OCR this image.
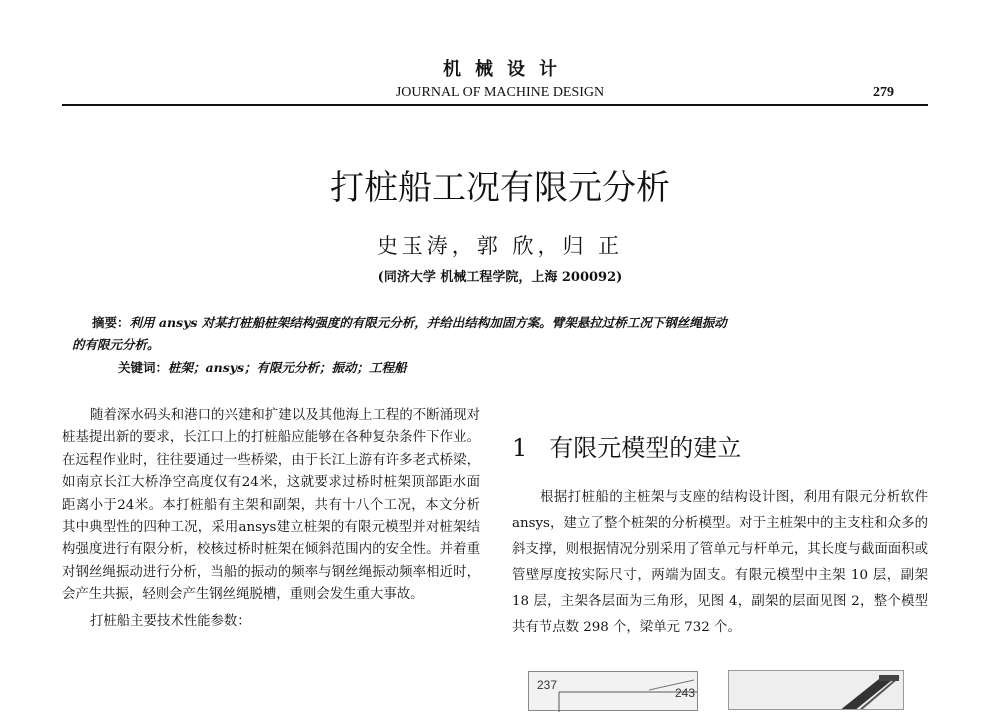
机械设计
JOURNAL OF MACHINE DESIGN	279
打桩船工况有限元分析
史玉涛，郭 欣，归 正
(同济大学 机械工程学院，上海 200092)
摘要：利用 ansys 对某打桩船桩架结构强度的有限元分析，并给出结构加固方案。臂架悬拉过桥工况下钢丝绳振动
的有限元分析。
关键词：桩架；ansys；有限元分析；振动；工程船

随着深水码头和港口的兴建和扩建以及其他海上工程的不断涌现对桩基提出新的要求，长江口上的打桩船应能够在各种复杂条件下作业。在远程作业时，往往要通过一些桥梁，由于长江上游有许多老式桥梁，如南京长江大桥净空高度仅有24米，这就要求过桥时桩架顶部距水面距离小于24米。本打桩船有主架和副架，共有十八个工况，本文分析其中典型性的四种工况，采用ansys建立桩架的有限元模型并对桩架结构强度进行有限分析，校核过桥时桩架在倾斜范围内的安全性。并着重对钢丝绳振动进行分析，当船的振动的频率与钢丝绳振动频率相近时，会产生共振，轻则会产生钢丝绳脱槽，重则会发生重大事故。

打桩船主要技术性能参数：

1 有限元模型的建立

根据打桩船的主桩架与支座的结构设计图，利用有限元分析软件 ansys，建立了整个桩架的分析模型。对于主桩架中的主支柱和众多的斜支撑，则根据情况分别采用了管单元与杆单元，其长度与截面面积或管壁厚度按实际尺寸，两端为固支。有限元模型中主架 10 层，副架 18 层，主架各层面为三角形，见图 4，副架的层面见图 2，整个模型共有节点数 298 个，梁单元 732 个。

237
243
